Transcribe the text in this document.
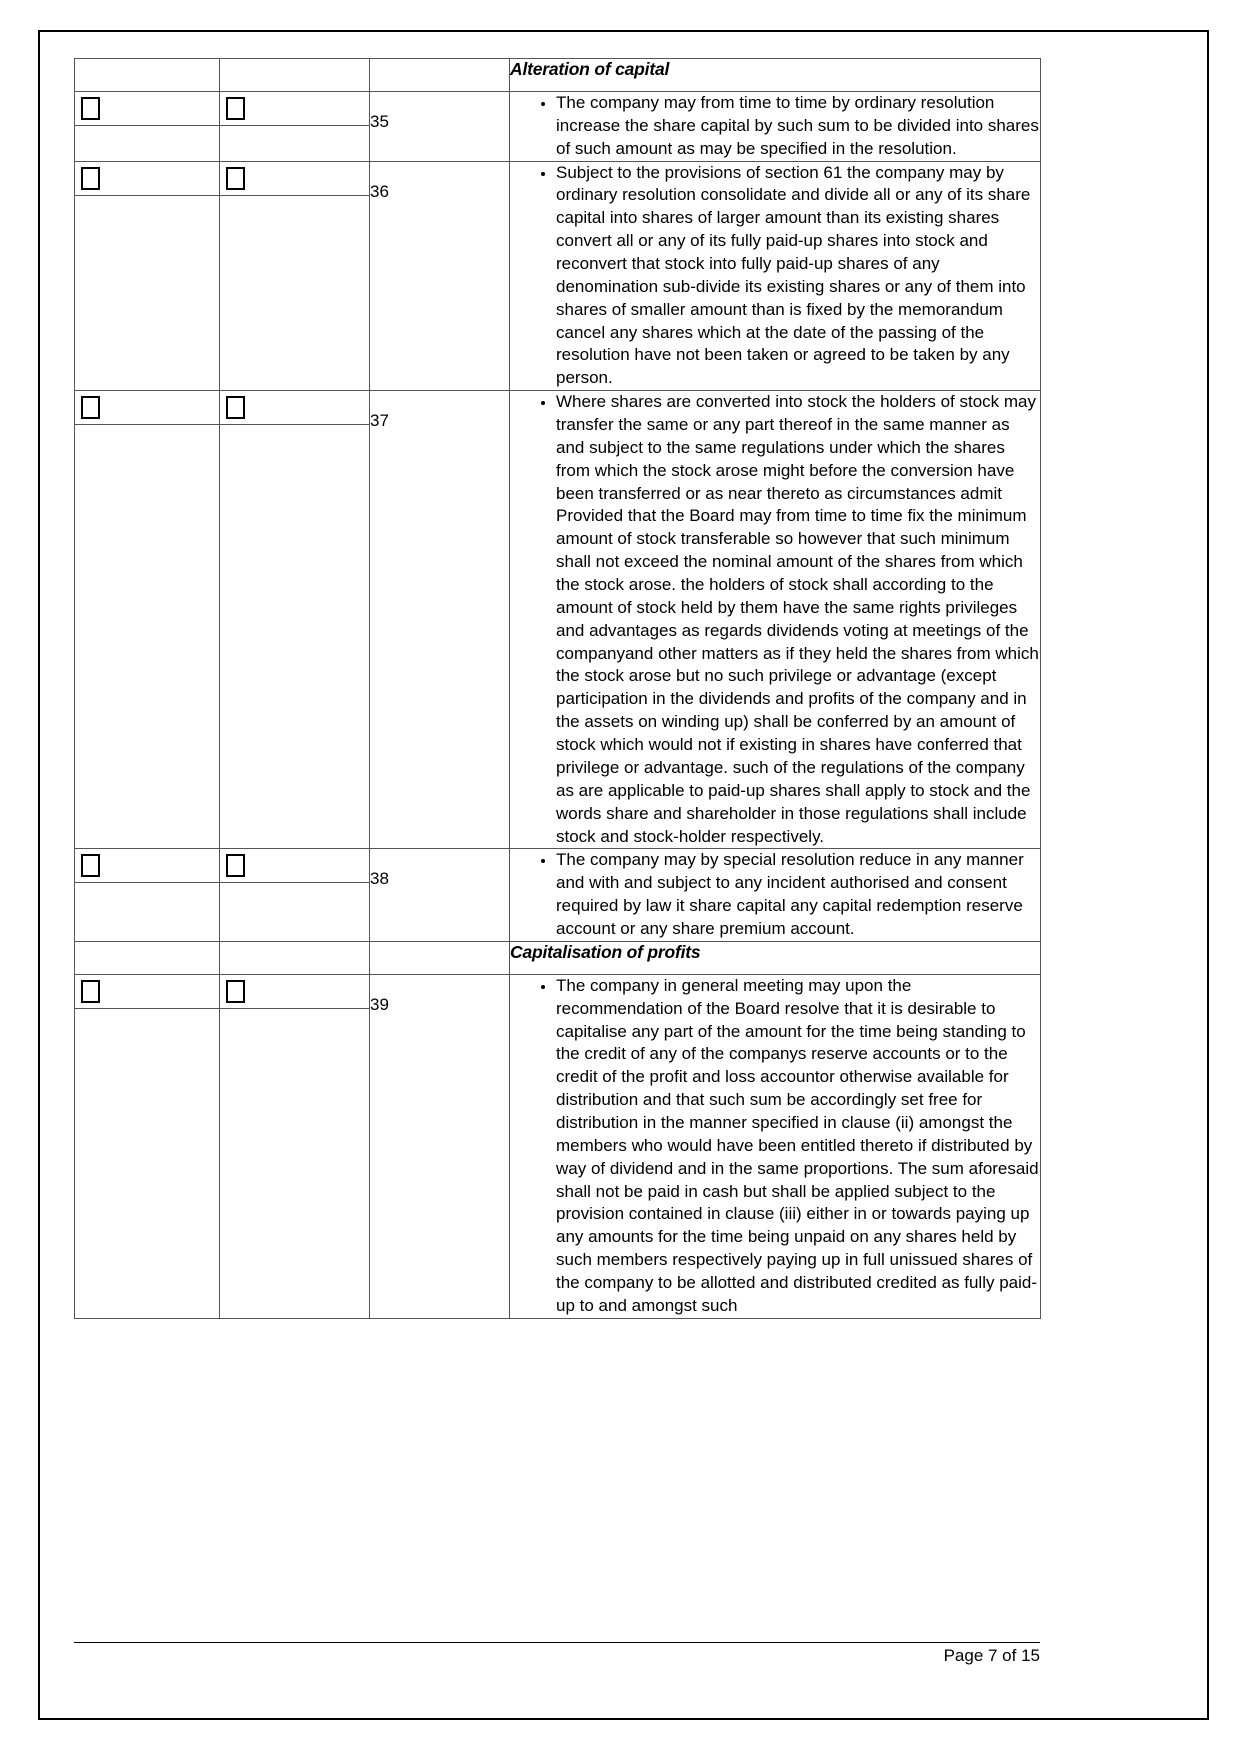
			Alteration of capital

35

• The company may from time to time by ordinary resolution increase the share capital by such sum to be divided into shares of such amount as may be specified in the resolution.

36

• Subject to the provisions of section 61 the company may by ordinary resolution consolidate and divide all or any of its share capital into shares of larger amount than its existing shares convert all or any of its fully paid-up shares into stock and reconvert that stock into fully paid-up shares of any denomination sub-divide its existing shares or any of them into shares of smaller amount than is fixed by the memorandum cancel any shares which at the date of the passing of the resolution have not been taken or agreed to be taken by any person.

37

• Where shares are converted into stock the holders of stock may transfer the same or any part thereof in the same manner as and subject to the same regulations under which the shares from which the stock arose might before the conversion have been transferred or as near thereto as circumstances admit Provided that the Board may from time to time fix the minimum amount of stock transferable so however that such minimum shall not exceed the nominal amount of the shares from which the stock arose. the holders of stock shall according to the amount of stock held by them have the same rights privileges and advantages as regards dividends voting at meetings of the companyand other matters as if they held the shares from which the stock arose but no such privilege or advantage (except participation in the dividends and profits of the company and in the assets on winding up) shall be conferred by an amount of stock which would not if existing in shares have conferred that privilege or advantage. such of the regulations of the company as are applicable to paid-up shares shall apply to stock and the words share and shareholder in those regulations shall include stock and stock-holder respectively.

38

• The company may by special resolution reduce in any manner and with and subject to any incident authorised and consent required by law it share capital any capital redemption reserve account or any share premium account.

			Capitalisation of profits

39

• The company in general meeting may upon the recommendation of the Board resolve that it is desirable to capitalise any part of the amount for the time being standing to the credit of any of the companys reserve accounts or to the credit of the profit and loss accountor otherwise available for distribution and that such sum be accordingly set free for distribution in the manner specified in clause (ii) amongst the members who would have been entitled thereto if distributed by way of dividend and in the same proportions. The sum aforesaid shall not be paid in cash but shall be applied subject to the provision contained in clause (iii) either in or towards paying up any amounts for the time being unpaid on any shares held by such members respectively paying up in full unissued shares of the company to be allotted and distributed credited as fully paid-up to and amongst such
Page 7 of 15
